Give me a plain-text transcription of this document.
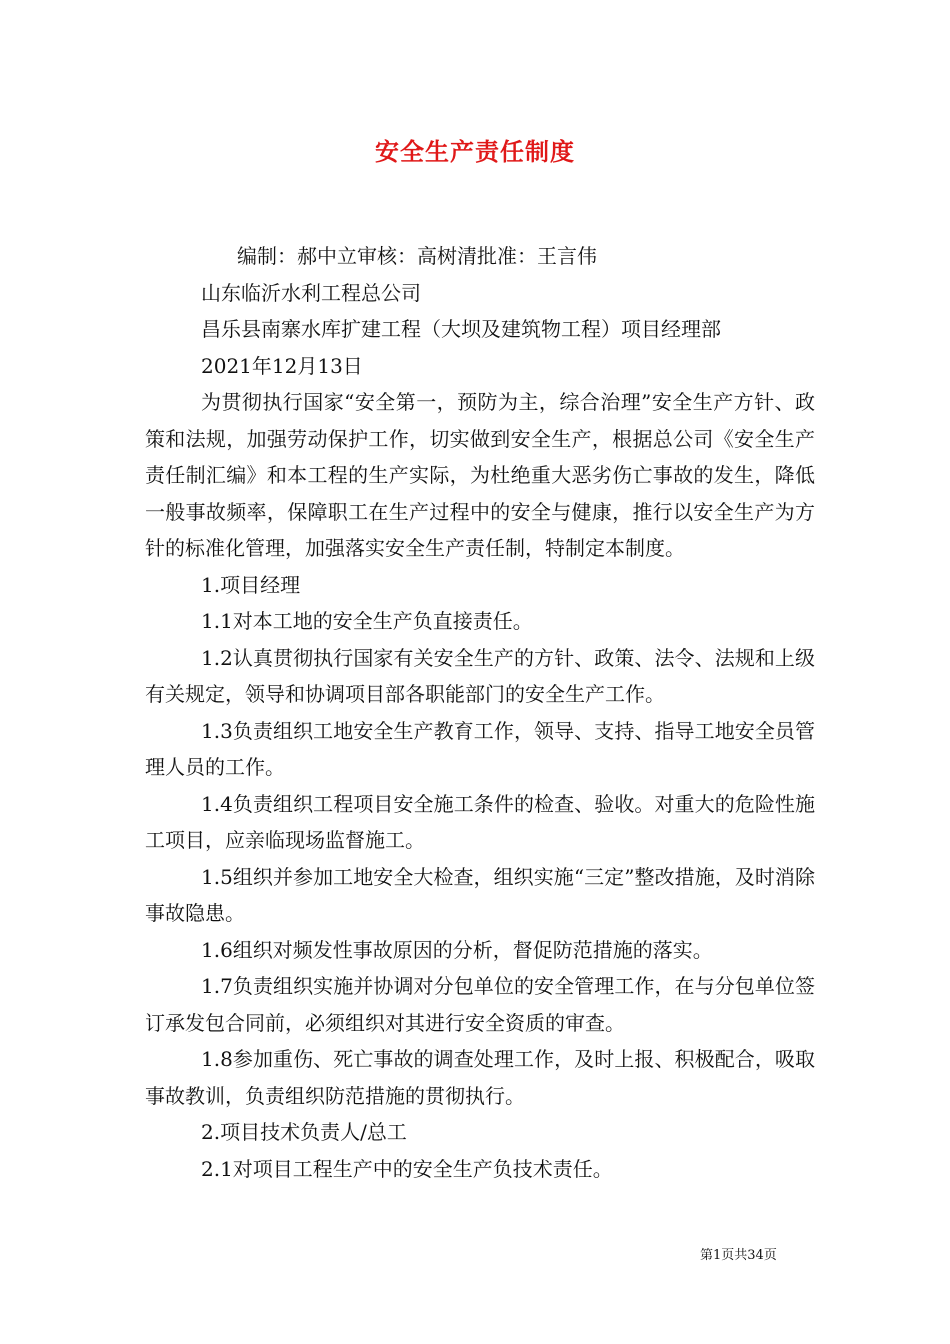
安全生产责任制度
编制：郝中立审核：高树清批准：王言伟
山东临沂水利工程总公司
昌乐县南寨水库扩建工程（大坝及建筑物工程）项目经理部
2021年12月13日

为贯彻执行国家“安全第一，预防为主，综合治理”安全生产方针、政策和法规，加强劳动保护工作，切实做到安全生产，根据总公司《安全生产责任制汇编》和本工程的生产实际，为杜绝重大恶劣伤亡事故的发生，降低一般事故频率，保障职工在生产过程中的安全与健康，推行以安全生产为方针的标准化管理，加强落实安全生产责任制，特制定本制度。

1.项目经理

1.1对本工地的安全生产负直接责任。

1.2认真贯彻执行国家有关安全生产的方针、政策、法令、法规和上级有关规定，领导和协调项目部各职能部门的安全生产工作。

1.3负责组织工地安全生产教育工作，领导、支持、指导工地安全员管理人员的工作。

1.4负责组织工程项目安全施工条件的检查、验收。对重大的危险性施工项目，应亲临现场监督施工。

1.5组织并参加工地安全大检查，组织实施“三定”整改措施，及时消除事故隐患。

1.6组织对频发性事故原因的分析，督促防范措施的落实。

1.7负责组织实施并协调对分包单位的安全管理工作，在与分包单位签订承发包合同前，必须组织对其进行安全资质的审查。

1.8参加重伤、死亡事故的调查处理工作，及时上报、积极配合，吸取事故教训，负责组织防范措施的贯彻执行。

2.项目技术负责人/总工

2.1对项目工程生产中的安全生产负技术责任。

第1页共34页
